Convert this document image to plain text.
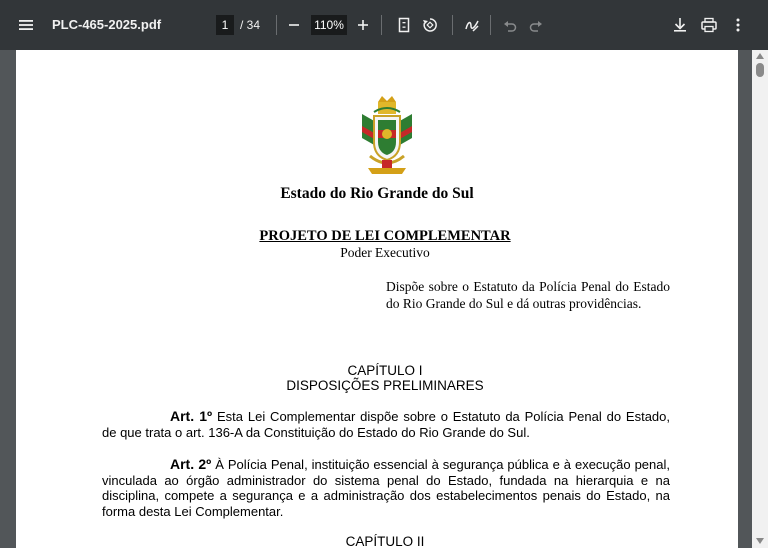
PLC-465-2025.pdf	1 / 34	110%
Estado do Rio Grande do Sul
PROJETO DE LEI COMPLEMENTAR
Poder Executivo
Dispõe sobre o Estatuto da Polícia Penal do Estado do Rio Grande do Sul e dá outras providências.
CAPÍTULO I
DISPOSIÇÕES PRELIMINARES
Art. 1º Esta Lei Complementar dispõe sobre o Estatuto da Polícia Penal do Estado, de que trata o art. 136-A da Constituição do Estado do Rio Grande do Sul.
Art. 2º À Polícia Penal, instituição essencial à segurança pública e à execução penal, vinculada ao órgão administrador do sistema penal do Estado, fundada na hierarquia e na disciplina, compete a segurança e a administração dos estabelecimentos penais do Estado, na forma desta Lei Complementar.
CAPÍTULO II
